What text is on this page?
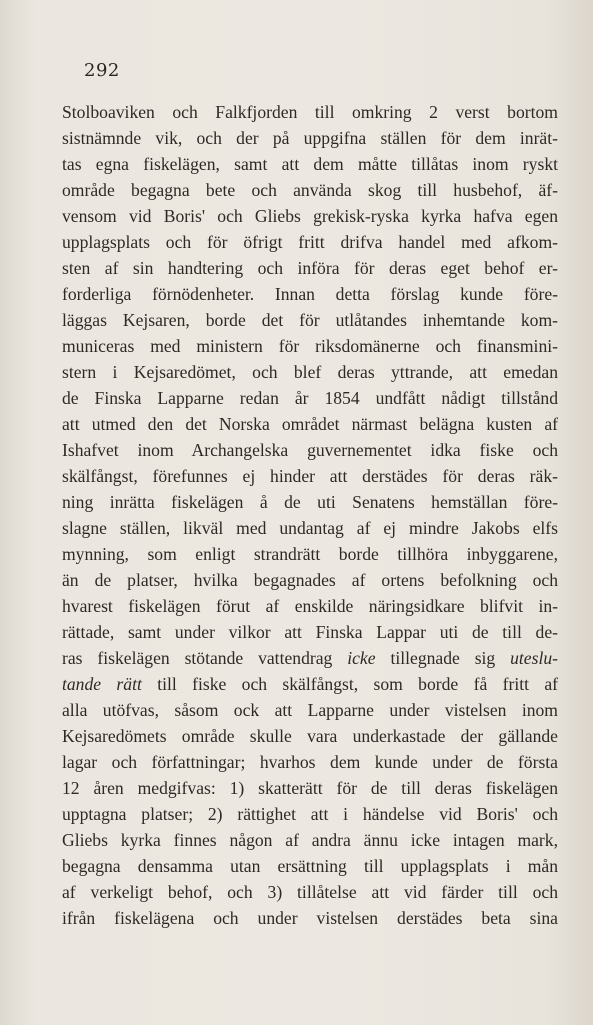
292
Stolboaviken och Falkfjorden till omkring 2 verst bortom
sistnämnde vik, och der på uppgifna ställen för dem inrät-
tas egna fiskelägen, samt att dem måtte tillåtas inom ryskt
område begagna bete och använda skog till husbehof, äf-
vensom vid Boris' och Gliebs grekisk-ryska kyrka hafva egen
upplagsplats och för öfrigt fritt drifva handel med afkom-
sten af sin handtering och införa för deras eget behof er-
forderliga förnödenheter. Innan detta förslag kunde före-
läggas Kejsaren, borde det för utlåtandes inhemtande kom-
municeras med ministern för riksdomänerne och finansmini-
stern i Kejsaredömet, och blef deras yttrande, att emedan
de Finska Lapparne redan år 1854 undfått nådigt tillstånd
att utmed den det Norska området närmast belägna kusten af
Ishafvet inom Archangelska guvernementet idka fiske och
skälfångst, förefunnes ej hinder att derstädes för deras räk-
ning inrätta fiskelägen å de uti Senatens hemställan före-
slagne ställen, likväl med undantag af ej mindre Jakobs elfs
mynning, som enligt strandrätt borde tillhöra inbyggarene,
än de platser, hvilka begagnades af ortens befolkning och
hvarest fiskelägen förut af enskilde näringsidkare blifvit in-
rättade, samt under vilkor att Finska Lappar uti de till de-
ras fiskelägen stötande vattendrag icke tillegnade sig uteslu-
tande rätt till fiske och skälfångst, som borde få fritt af
alla utöfvas, såsom ock att Lapparne under vistelsen inom
Kejsaredömets område skulle vara underkastade der gällande
lagar och författningar; hvarhos dem kunde under de första
12 åren medgifvas: 1) skatterätt för de till deras fiskelägen
upptagna platser; 2) rättighet att i händelse vid Boris' och
Gliebs kyrka finnes någon af andra ännu icke intagen mark,
begagna densamma utan ersättning till upplagsplats i mån
af verkeligt behof, och 3) tillåtelse att vid färder till och
ifrån fiskelägena och under vistelsen derstädes beta sina
